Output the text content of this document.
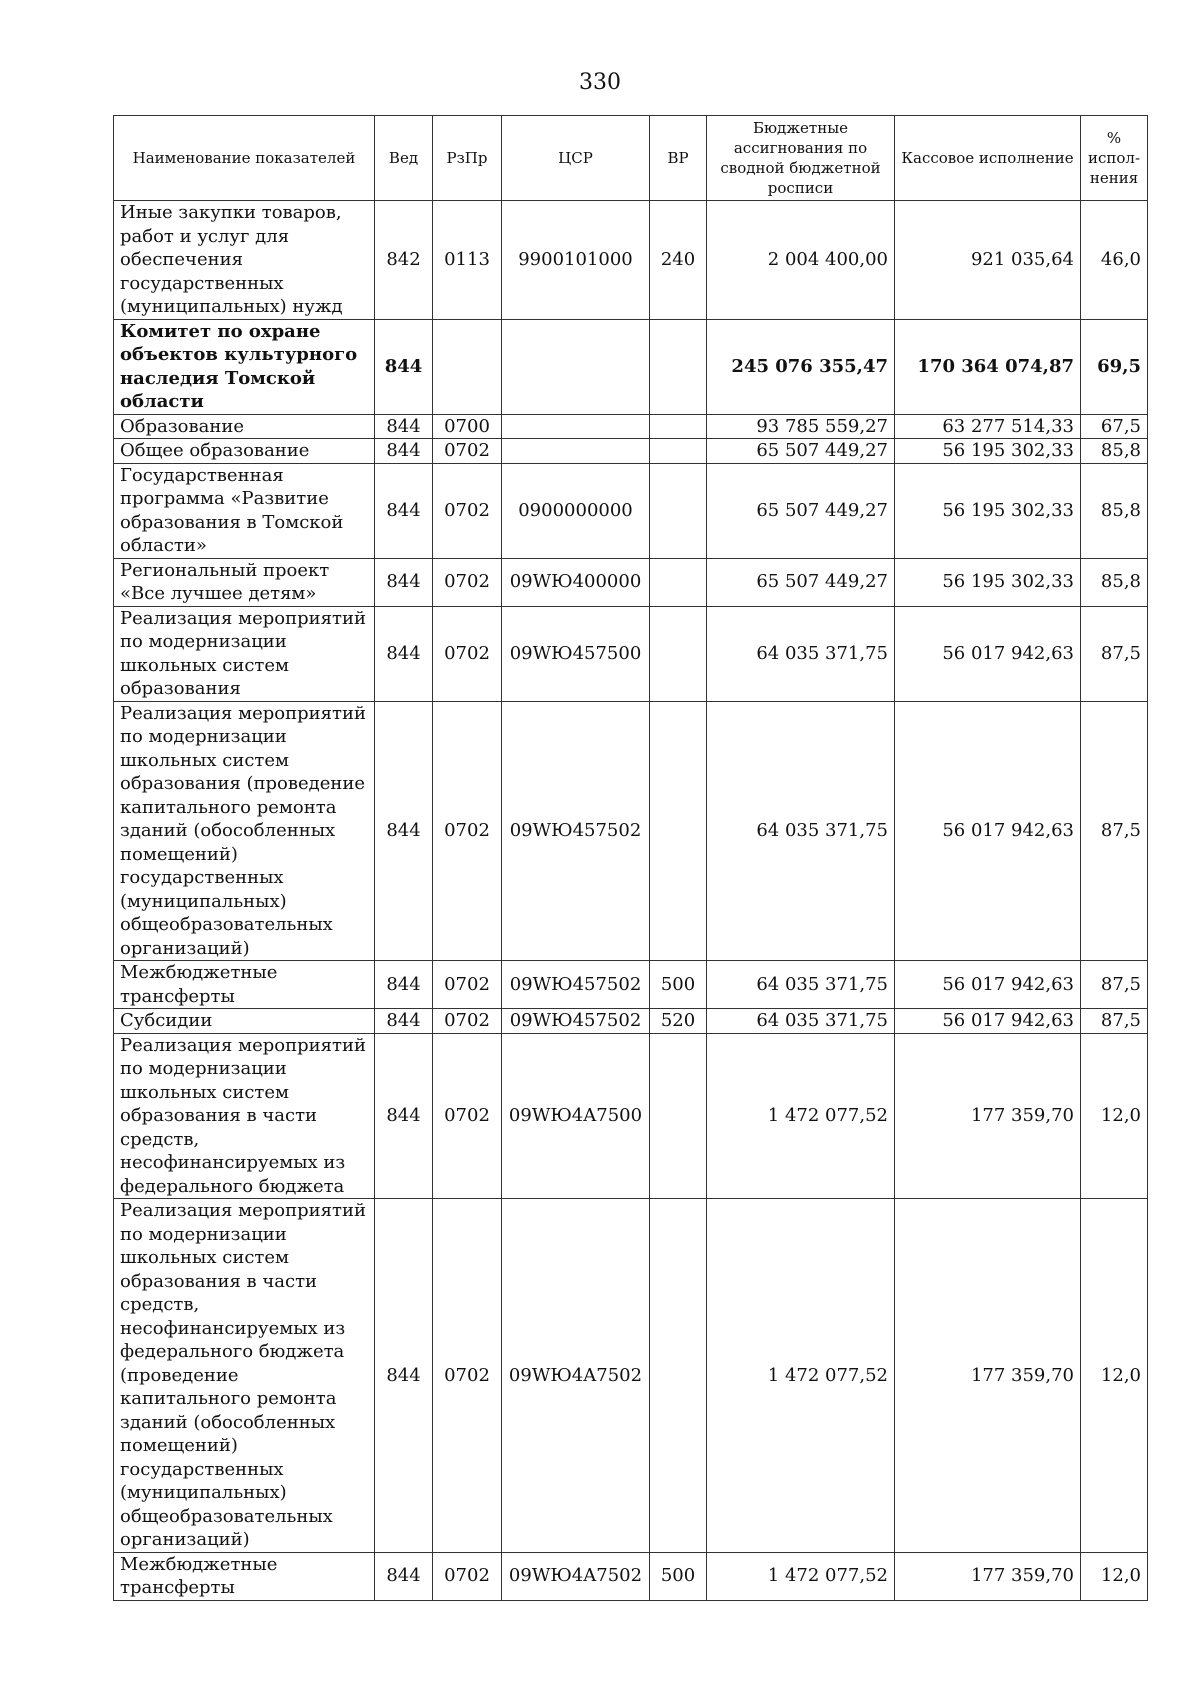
330
Наименование показателей	Вед	РзПр	ЦСР	ВР	Бюджетные ассигнования по сводной бюджетной росписи	Кассовое исполнение	% испол-нения
Иные закупки товаров, работ и услуг для обеспечения государственных (муниципальных) нужд	842	0113	9900101000	240	2 004 400,00	921 035,64	46,0
Комитет по охране объектов культурного наследия Томской области	844				245 076 355,47	170 364 074,87	69,5
Образование	844	0700			93 785 559,27	63 277 514,33	67,5
Общее образование	844	0702			65 507 449,27	56 195 302,33	85,8
Государственная программа «Развитие образования в Томской области»	844	0702	0900000000		65 507 449,27	56 195 302,33	85,8
Региональный проект «Все лучшее детям»	844	0702	09WЮ400000		65 507 449,27	56 195 302,33	85,8
Реализация мероприятий по модернизации школьных систем образования	844	0702	09WЮ457500		64 035 371,75	56 017 942,63	87,5
Реализация мероприятий по модернизации школьных систем образования (проведение капитального ремонта зданий (обособленных помещений) государственных (муниципальных) общеобразовательных организаций)	844	0702	09WЮ457502		64 035 371,75	56 017 942,63	87,5
Межбюджетные трансферты	844	0702	09WЮ457502	500	64 035 371,75	56 017 942,63	87,5
Субсидии	844	0702	09WЮ457502	520	64 035 371,75	56 017 942,63	87,5
Реализация мероприятий по модернизации школьных систем образования в части средств, несофинансируемых из федерального бюджета	844	0702	09WЮ4A7500		1 472 077,52	177 359,70	12,0
Реализация мероприятий по модернизации школьных систем образования в части средств, несофинансируемых из федерального бюджета (проведение капитального ремонта зданий (обособленных помещений) государственных (муниципальных) общеобразовательных организаций)	844	0702	09WЮ4A7502		1 472 077,52	177 359,70	12,0
Межбюджетные трансферты	844	0702	09WЮ4A7502	500	1 472 077,52	177 359,70	12,0
